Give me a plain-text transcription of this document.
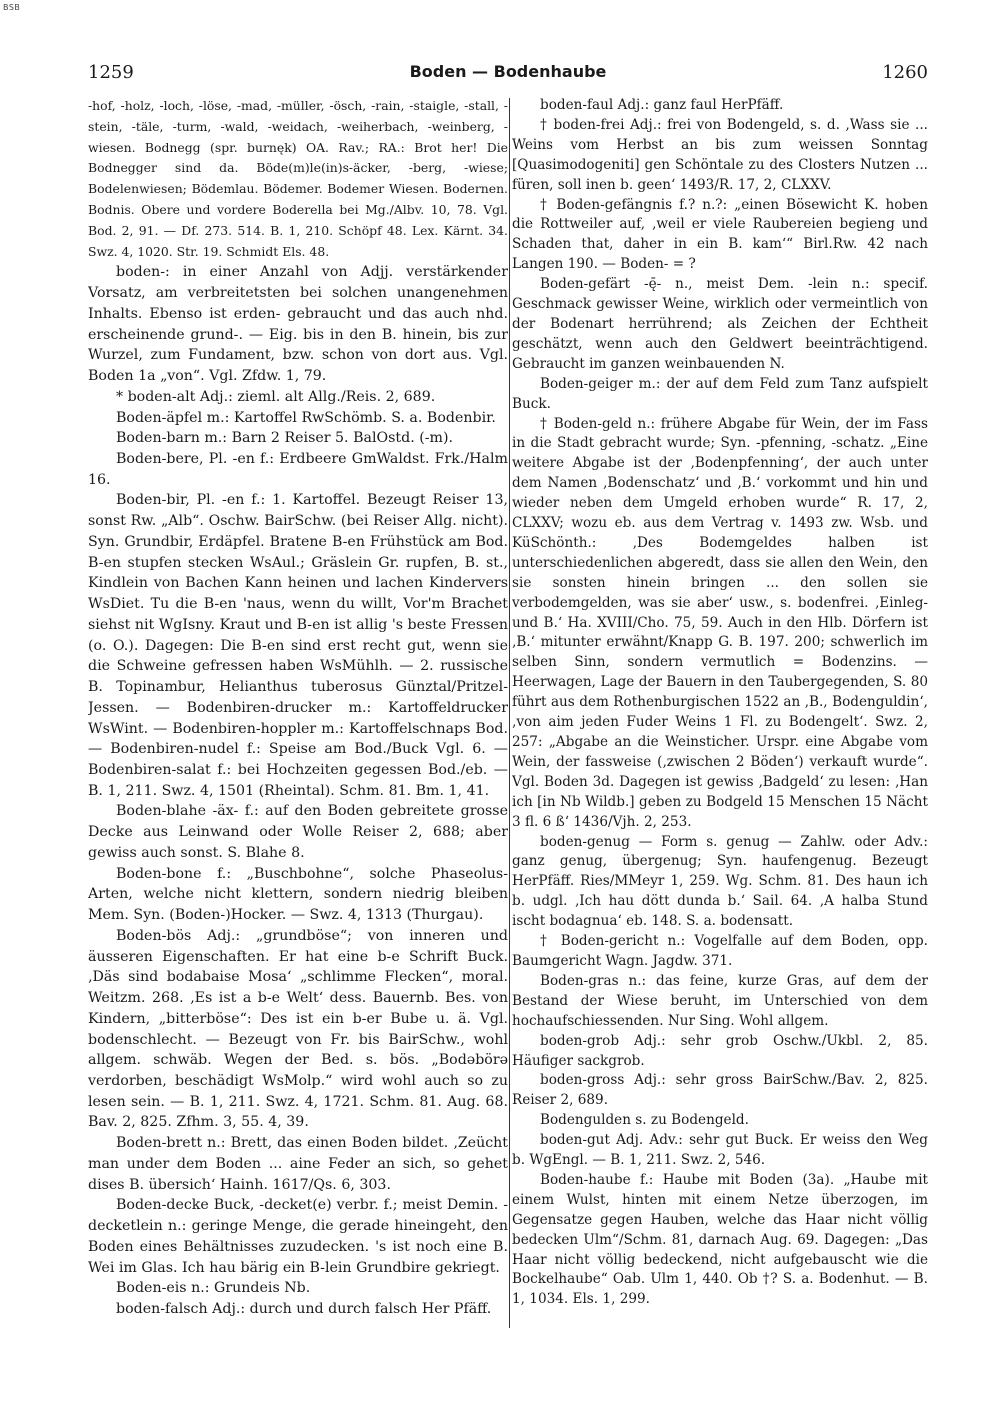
BSB
1259	Boden — Bodenhaube	1260

-hof, -holz, -loch, -löse, -mad, -müller, -ösch, -rain, -staigle, -stall, -stein, -täle, -turm, -wald, -weidach, -weiherbach, -weinberg, -wiesen. Bodnegg (spr. burnęk) OA. Rav.; RA.: Brot her! Die Bodnegger sind da. Böde(m)le(in)s-äcker, -berg, -wiese; Bodelenwiesen; Bödemlau. Bödemer. Bodemer Wiesen. Bodernen. Bodnis. Obere und vordere Boderella bei Mg./Albv. 10, 78. Vgl. Bod. 2, 91. — Df. 273. 514. B. 1, 210. Schöpf 48. Lex. Kärnt. 34. Swz. 4, 1020. Str. 19. Schmidt Els. 48.

boden-: in einer Anzahl von Adjj. verstärkender Vorsatz, am verbreitetsten bei solchen unangenehmen Inhalts. Ebenso ist erden- gebraucht und das auch nhd. erscheinende grund-. — Eig. bis in den B. hinein, bis zur Wurzel, zum Fundament, bzw. schon von dort aus. Vgl. Boden 1a „von“. Vgl. Zfdw. 1, 79.

* boden-alt Adj.: zieml. alt Allg./Reis. 2, 689.

Boden-äpfel m.: Kartoffel RwSchömb. S. a. Bodenbir.

Boden-barn m.: Barn 2 Reiser 5. BalOstd. (-m).

Boden-bere, Pl. -en f.: Erdbeere GmWaldst. Frk./Halm 16.

Boden-bir, Pl. -en f.: 1. Kartoffel. Bezeugt Reiser 13, sonst Rw. „Alb“. Oschw. BairSchw. (bei Reiser Allg. nicht). Syn. Grundbir, Erdäpfel. Bratene B-en Frühstück am Bod. B-en stupfen stecken WsAul.; Gräslein Gr. rupfen, B. st., Kindlein von Bachen Kann heinen und lachen Kindervers WsDiet. Tu die B-en 'naus, wenn du willt, Vor'm Brachet siehst nit WgIsny. Kraut und B-en ist allig 's beste Fressen (o. O.). Dagegen: Die B-en sind erst recht gut, wenn sie die Schweine gefressen haben WsMühlh. — 2. russische B. Topinambur, Helianthus tuberosus Günztal/Pritzel-Jessen. — Bodenbiren-drucker m.: Kartoffeldrucker WsWint. — Bodenbiren-hoppler m.: Kartoffelschnaps Bod. — Bodenbiren-nudel f.: Speise am Bod./Buck Vgl. 6. — Bodenbiren-salat f.: bei Hochzeiten gegessen Bod./eb. — B. 1, 211. Swz. 4, 1501 (Rheintal). Schm. 81. Bm. 1, 41.

Boden-blahe -äx- f.: auf den Boden gebreitete grosse Decke aus Leinwand oder Wolle Reiser 2, 688; aber gewiss auch sonst. S. Blahe 8.

Boden-bone f.: „Buschbohne“, solche Phaseolus-Arten, welche nicht klettern, sondern niedrig bleiben Mem. Syn. (Boden-)Hocker. — Swz. 4, 1313 (Thurgau).

Boden-bös Adj.: „grundböse“; von inneren und äusseren Eigenschaften. Er hat eine b-e Schrift Buck. ‚Däs sind bodabaise Mosa‘ „schlimme Flecken“, moral. Weitzm. 268. ‚Es ist a b-e Welt‘ dess. Bauernb. Bes. von Kindern, „bitterböse“: Des ist ein b-er Bube u. ä. Vgl. bodenschlecht. — Bezeugt von Fr. bis BairSchw., wohl allgem. schwäb. Wegen der Bed. s. bös. „Bodəbörə verdorben, beschädigt WsMolp.“ wird wohl auch so zu lesen sein. — B. 1, 211. Swz. 4, 1721. Schm. 81. Aug. 68. Bav. 2, 825. Zfhm. 3, 55. 4, 39.

Boden-brett n.: Brett, das einen Boden bildet. ‚Zeücht man under dem Boden ... aine Feder an sich, so gehet dises B. übersich‘ Hainh. 1617/Qs. 6, 303.

Boden-decke Buck, -decket(e) verbr. f.; meist Demin. -decketlein n.: geringe Menge, die gerade hineingeht, den Boden eines Behältnisses zuzudecken. 's ist noch eine B. Wei im Glas. Ich hau bärig ein B-lein Grundbire gekriegt.

Boden-eis n.: Grundeis Nb.

boden-falsch Adj.: durch und durch falsch Her Pfäff.

boden-faul Adj.: ganz faul HerPfäff.

† boden-frei Adj.: frei von Bodengeld, s. d. ‚Wass sie ... Weins vom Herbst an bis zum weissen Sonntag [Quasimodogeniti] gen Schöntale zu des Closters Nutzen ... füren, soll inen b. geen‘ 1493/R. 17, 2, CLXXV.

† Boden-gefängnis f.? n.?: „einen Bösewicht K. hoben die Rottweiler auf, ‚weil er viele Raubereien begieng und Schaden that, daher in ein B. kam‘“ Birl.Rw. 42 nach Langen 190. — Boden- = ?

Boden-gefärt -ę̄- n., meist Dem. -lein n.: specif. Geschmack gewisser Weine, wirklich oder vermeintlich von der Bodenart herrührend; als Zeichen der Echtheit geschätzt, wenn auch den Geldwert beeinträchtigend. Gebraucht im ganzen weinbauenden N.

Boden-geiger m.: der auf dem Feld zum Tanz aufspielt Buck.

† Boden-geld n.: frühere Abgabe für Wein, der im Fass in die Stadt gebracht wurde; Syn. -pfenning, -schatz. „Eine weitere Abgabe ist der ‚Bodenpfenning‘, der auch unter dem Namen ‚Bodenschatz‘ und ‚B.‘ vorkommt und hin und wieder neben dem Umgeld erhoben wurde“ R. 17, 2, CLXXV; wozu eb. aus dem Vertrag v. 1493 zw. Wsb. und KüSchönth.: ‚Des Bodemgeldes halben ist unterschiedenlichen abgeredt, dass sie allen den Wein, den sie sonsten hinein bringen ... den sollen sie verbodemgelden, was sie aber‘ usw., s. bodenfrei. ‚Einleg- und B.‘ Ha. XVIII/Cho. 75, 59. Auch in den Hlb. Dörfern ist ‚B.‘ mitunter erwähnt/Knapp G. B. 197. 200; schwerlich im selben Sinn, sondern vermutlich = Bodenzins. — Heerwagen, Lage der Bauern in den Taubergegenden, S. 80 führt aus dem Rothenburgischen 1522 an ‚B., Bodenguldin‘, ‚von aim jeden Fuder Weins 1 Fl. zu Bodengelt‘. Swz. 2, 257: „Abgabe an die Weinsticher. Urspr. eine Abgabe vom Wein, der fassweise (‚zwischen 2 Böden‘) verkauft wurde“. Vgl. Boden 3d. Dagegen ist gewiss ‚Badgeld‘ zu lesen: ‚Han ich [in Nb Wildb.] geben zu Bodgeld 15 Menschen 15 Nächt 3 fl. 6 ß‘ 1436/Vjh. 2, 253.

boden-genug — Form s. genug — Zahlw. oder Adv.: ganz genug, übergenug; Syn. haufengenug. Bezeugt HerPfäff. Ries/MMeyr 1, 259. Wg. Schm. 81. Des haun ich b. udgl. ‚Ich hau dött dunda b.‘ Sail. 64. ‚A halba Stund ischt bodagnua‘ eb. 148. S. a. bodensatt.

† Boden-gericht n.: Vogelfalle auf dem Boden, opp. Baumgericht Wagn. Jagdw. 371.

Boden-gras n.: das feine, kurze Gras, auf dem der Bestand der Wiese beruht, im Unterschied von dem hochaufschiessenden. Nur Sing. Wohl allgem.

boden-grob Adj.: sehr grob Oschw./Ukbl. 2, 85. Häufiger sackgrob.

boden-gross Adj.: sehr gross BairSchw./Bav. 2, 825. Reiser 2, 689.

Bodengulden s. zu Bodengeld.

boden-gut Adj. Adv.: sehr gut Buck. Er weiss den Weg b. WgEngl. — B. 1, 211. Swz. 2, 546.

Boden-haube f.: Haube mit Boden (3a). „Haube mit einem Wulst, hinten mit einem Netze überzogen, im Gegensatze gegen Hauben, welche das Haar nicht völlig bedecken Ulm“/Schm. 81, darnach Aug. 69. Dagegen: „Das Haar nicht völlig bedeckend, nicht aufgebauscht wie die Bockelhaube“ Oab. Ulm 1, 440. Ob †? S. a. Bodenhut. — B. 1, 1034. Els. 1, 299.
